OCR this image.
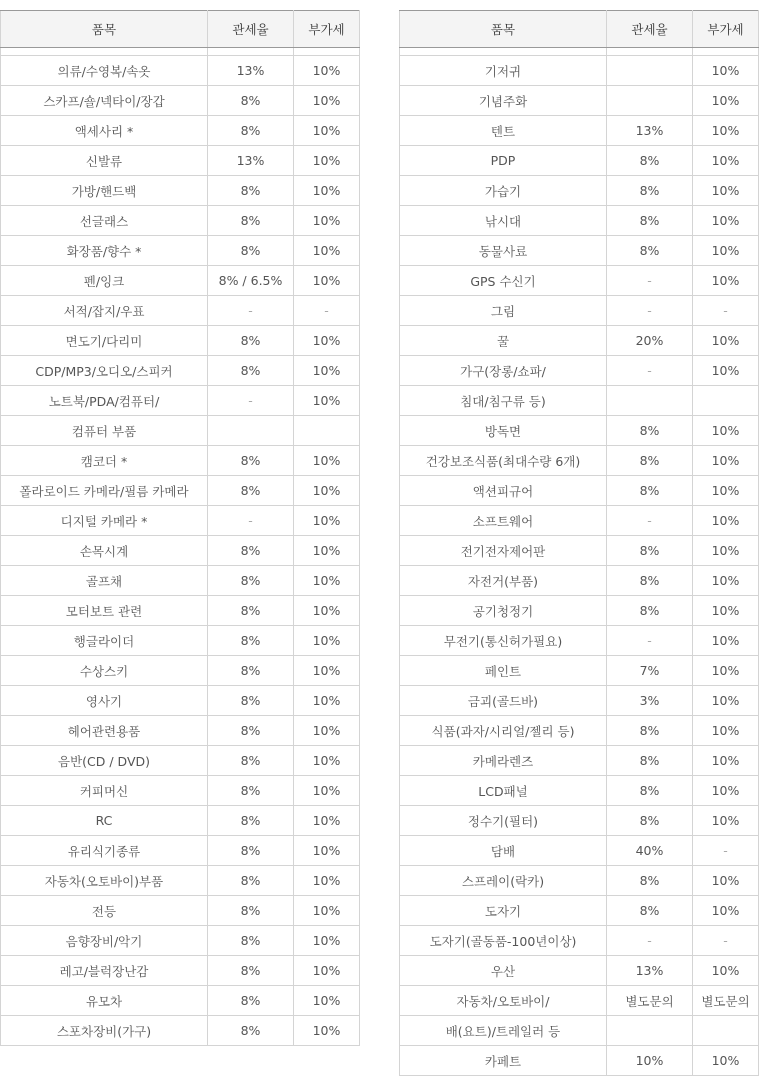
품목	관세율	부가세

의류/수영복/속옷	13%	10%
스카프/숄/넥타이/장갑	8%	10%
액세사리 *	8%	10%
신발류	13%	10%
가방/핸드백	8%	10%
선글래스	8%	10%
화장품/향수 *	8%	10%
펜/잉크	8% / 6.5%	10%
서적/잡지/우표	-	-
면도기/다리미	8%	10%
CDP/MP3/오디오/스피커	8%	10%
노트북/PDA/컴퓨터/	-	10%
컴퓨터 부품		
캠코더 *	8%	10%
폴라로이드 카메라/필름 카메라	8%	10%
디지털 카메라 *	-	10%
손목시계	8%	10%
골프채	8%	10%
모터보트 관련	8%	10%
행글라이더	8%	10%
수상스키	8%	10%
영사기	8%	10%
헤어관련용품	8%	10%
음반(CD / DVD)	8%	10%
커피머신	8%	10%
RC	8%	10%
유리식기종류	8%	10%
자동차(오토바이)부품	8%	10%
전등	8%	10%
음향장비/악기	8%	10%
레고/블럭장난감	8%	10%
유모차	8%	10%
스포차장비(가구)	8%	10%
품목	관세율	부가세

기저귀		10%
기념주화		10%
텐트	13%	10%
PDP	8%	10%
가습기	8%	10%
낚시대	8%	10%
동물사료	8%	10%
GPS 수신기	-	10%
그림	-	-
꿀	20%	10%
가구(장롱/쇼파/	-	10%
침대/침구류 등)		
방독면	8%	10%
건강보조식품(최대수량 6개)	8%	10%
액션피규어	8%	10%
소프트웨어	-	10%
전기전자제어판	8%	10%
자전거(부품)	8%	10%
공기청정기	8%	10%
무전기(통신허가필요)	-	10%
페인트	7%	10%
금괴(골드바)	3%	10%
식품(과자/시리얼/젤리 등)	8%	10%
카메라렌즈	8%	10%
LCD패널	8%	10%
정수기(필터)	8%	10%
담배	40%	-
스프레이(락카)	8%	10%
도자기	8%	10%
도자기(골동품-100년이상)	-	-
우산	13%	10%
자동차/오토바이/	별도문의	별도문의
배(요트)/트레일러 등		
카페트	10%	10%
